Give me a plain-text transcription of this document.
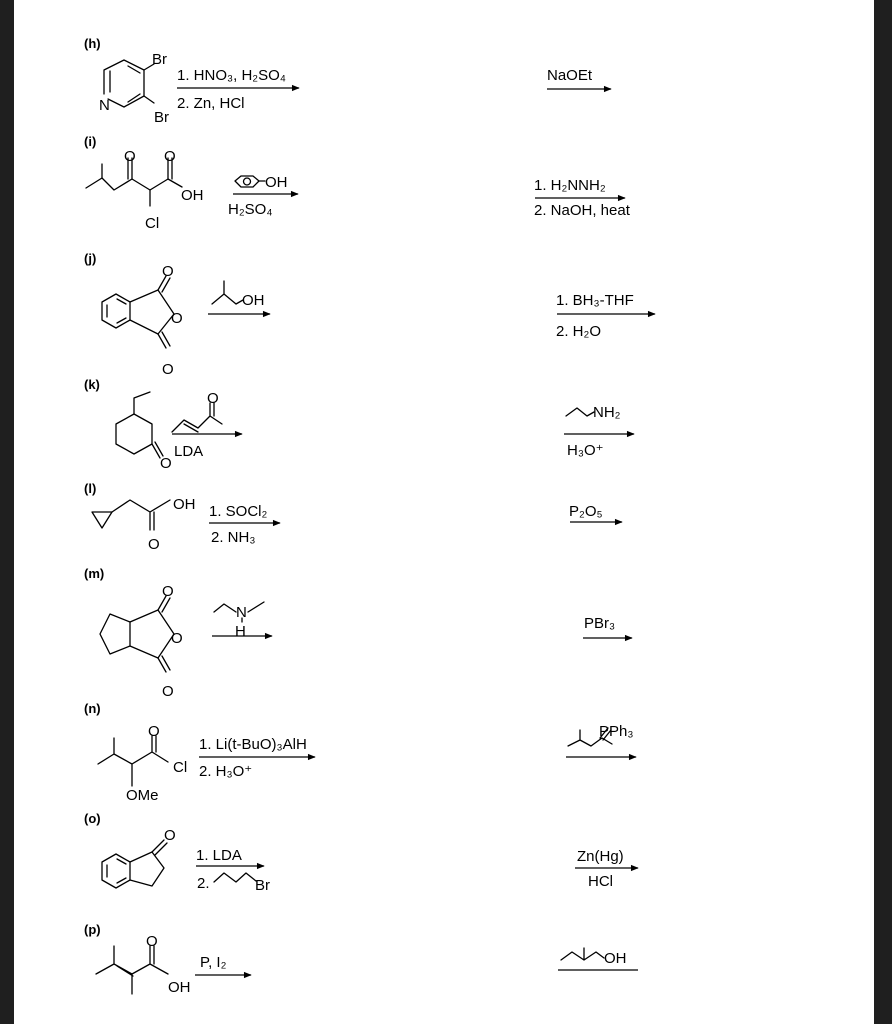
(h)
Br
Br
N
1. HNO₃, H₂SO₄
2. Zn, HCl
NaOEt
(i)
O O
OH
Cl
OH
H₂SO₄
1. H₂NNH₂
2. NaOH, heat
(j)
O
O
O
OH	1. BH₃-THF
2. H₂O
(k)
O
O
LDA
NH₂
H₃O⁺
(l)
OH
O
1. SOCl₂
2. NH₃
P₂O₅
(m)
O
O
O
N
H	PBr₃
(n)
O
Cl
OMe
1. Li(t-BuO)₃AlH
2. H₃O⁺
PPh₃
(o)
O
1. LDA
2.	Br
Zn(Hg)
HCl
(p)
O
OH
P, I₂	OH
